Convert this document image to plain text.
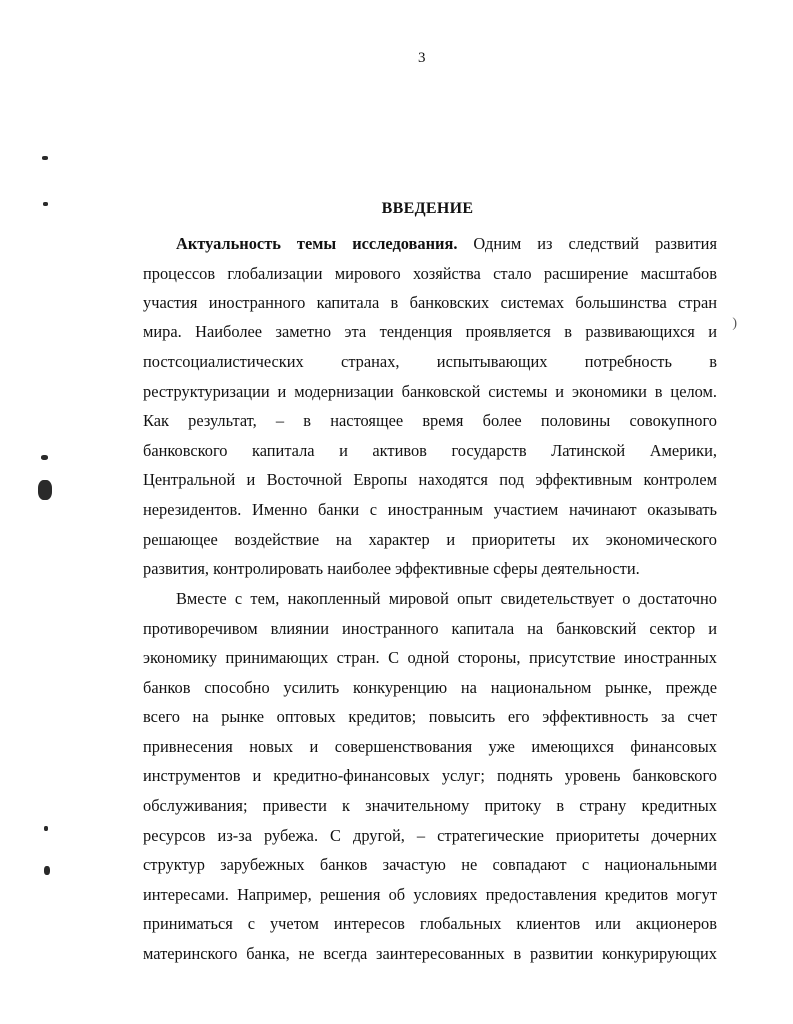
)
3
ВВЕДЕНИЕ
Актуальность темы исследования. Одним из следствий развития
процессов глобализации мирового хозяйства стало расширение масштабов
участия иностранного капитала в банковских системах большинства стран
мира. Наиболее заметно эта тенденция проявляется в развивающихся и
постсоциалистических странах, испытывающих потребность в
реструктуризации и модернизации банковской системы и экономики в целом.
Как результат, – в настоящее время более половины совокупного
банковского капитала и активов государств Латинской Америки,
Центральной и Восточной Европы находятся под эффективным контролем
нерезидентов. Именно банки с иностранным участием начинают оказывать
решающее воздействие на характер и приоритеты их экономического
развития, контролировать наиболее эффективные сферы деятельности.
Вместе с тем, накопленный мировой опыт свидетельствует о достаточно
противоречивом влиянии иностранного капитала на банковский сектор и
экономику принимающих стран. С одной стороны, присутствие иностранных
банков способно усилить конкуренцию на национальном рынке, прежде
всего на рынке оптовых кредитов; повысить его эффективность за счет
привнесения новых и совершенствования уже имеющихся финансовых
инструментов и кредитно-финансовых услуг; поднять уровень банковского
обслуживания; привести к значительному притоку в страну кредитных
ресурсов из-за рубежа. С другой, – стратегические приоритеты дочерних
структур зарубежных банков зачастую не совпадают с национальными
интересами. Например, решения об условиях предоставления кредитов могут
приниматься с учетом интересов глобальных клиентов или акционеров
материнского банка, не всегда заинтересованных в развитии конкурирующих
